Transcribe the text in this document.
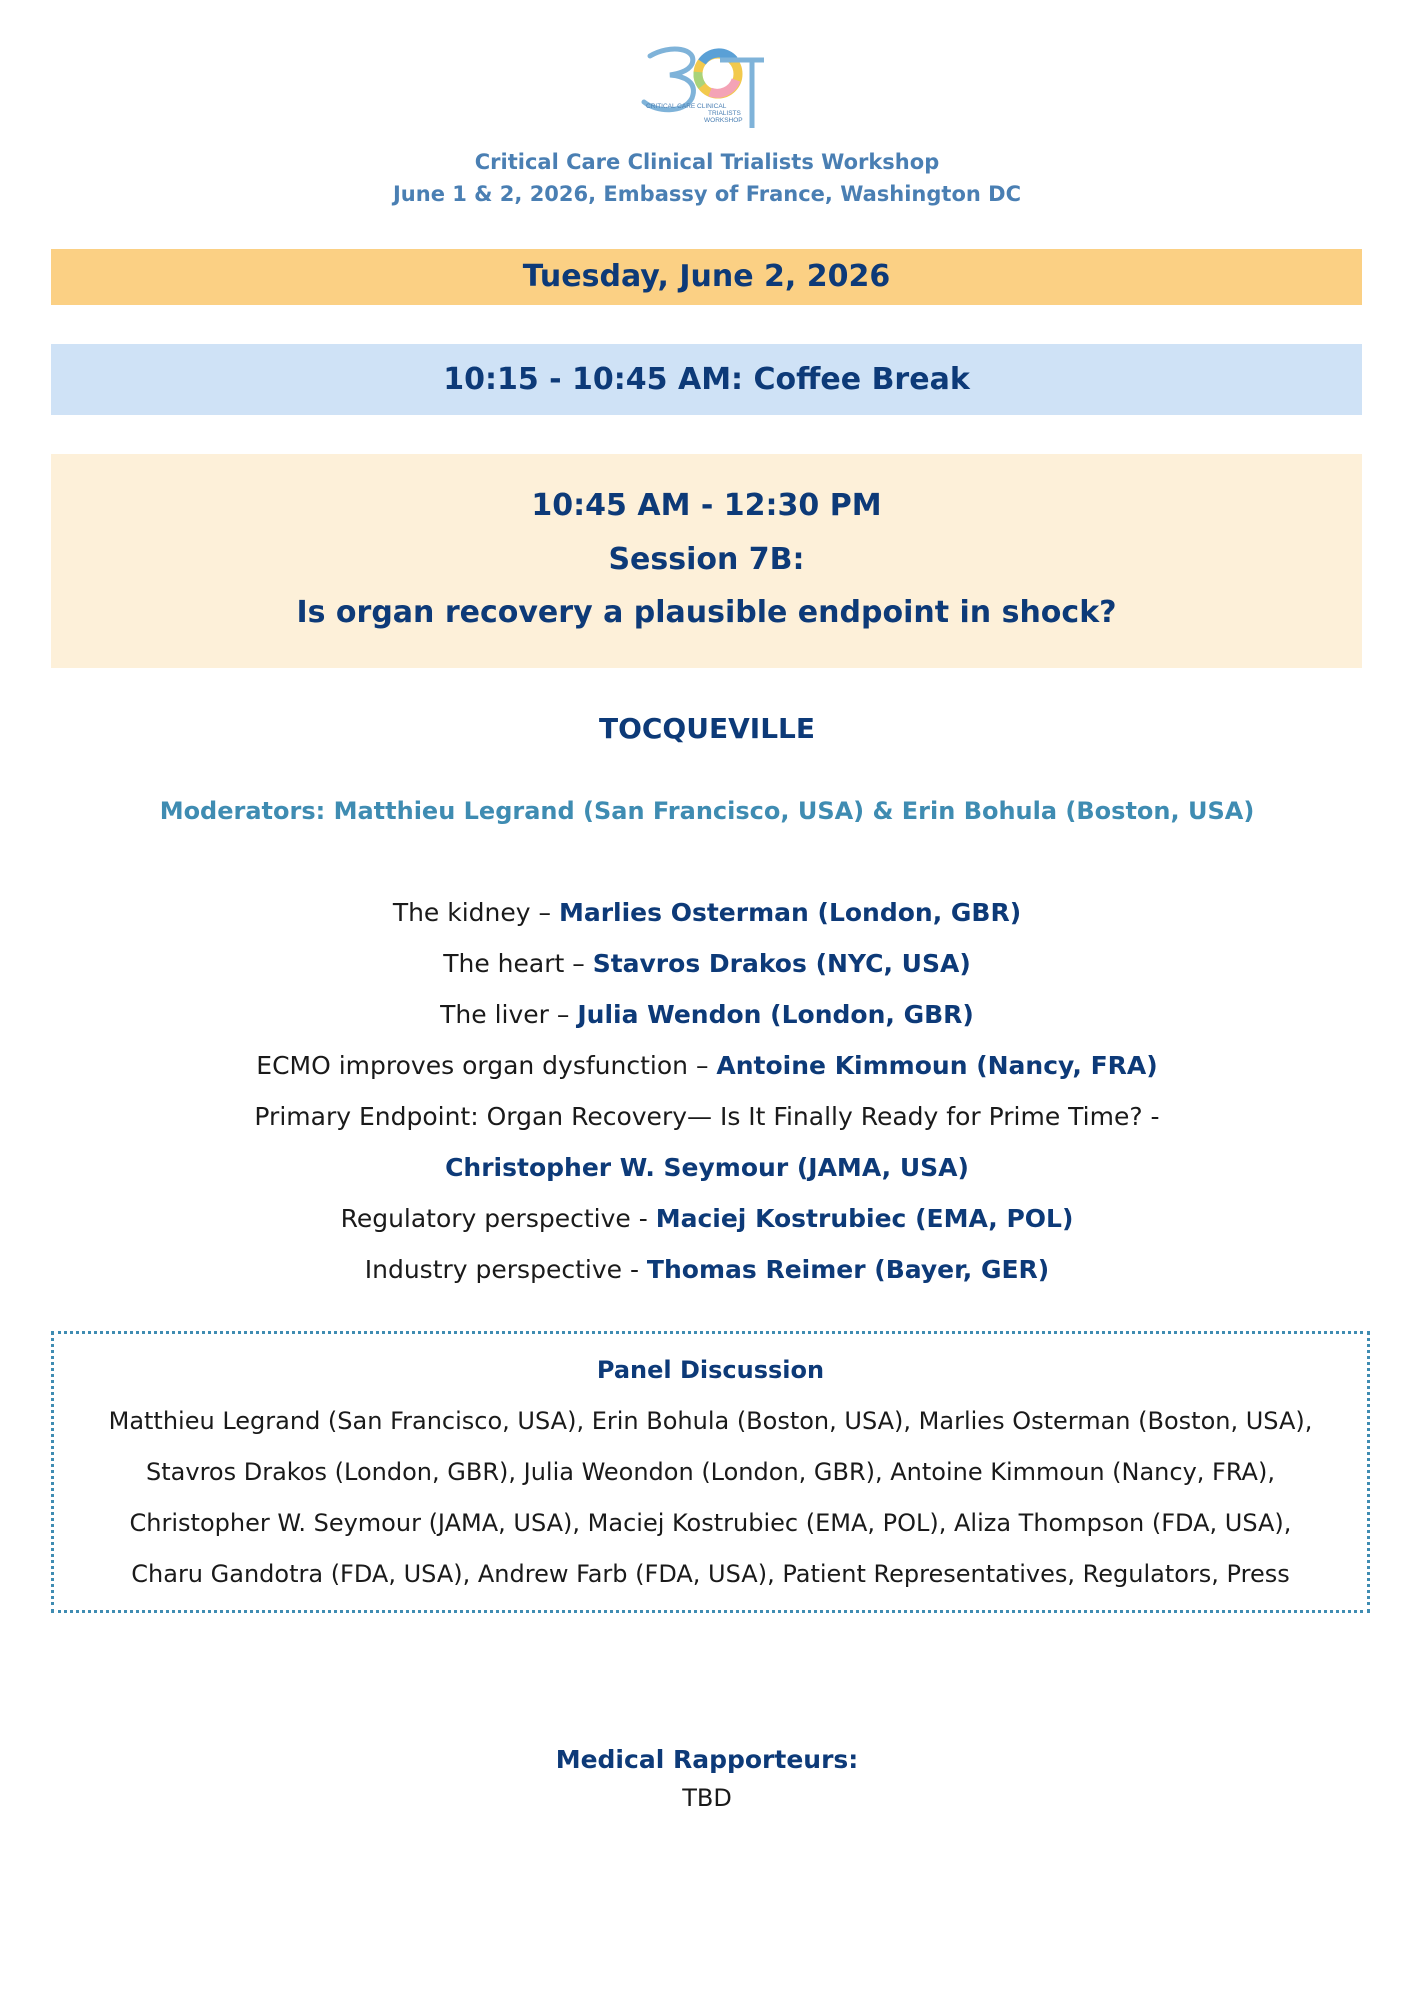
CRITICAL CARE CLINICAL
TRIALISTS
WORKSHOP
Critical Care Clinical Trialists Workshop
June 1 & 2, 2026, Embassy of France, Washington DC
Tuesday, June 2, 2026
10:15 - 10:45 AM: Coffee Break
10:45 AM - 12:30 PM
Session 7B:
Is organ recovery a plausible endpoint in shock?
TOCQUEVILLE
Moderators: Matthieu Legrand (San Francisco, USA) & Erin Bohula (Boston, USA)
The kidney – Marlies Osterman (London, GBR)
The heart – Stavros Drakos (NYC, USA)
The liver – Julia Wendon (London, GBR)
ECMO improves organ dysfunction – Antoine Kimmoun (Nancy, FRA)
Primary Endpoint: Organ Recovery— Is It Finally Ready for Prime Time? -
Christopher W. Seymour (JAMA, USA)
Regulatory perspective - Maciej Kostrubiec (EMA, POL)
Industry perspective - Thomas Reimer (Bayer, GER)
Panel Discussion
Matthieu Legrand (San Francisco, USA), Erin Bohula (Boston, USA), Marlies Osterman (Boston, USA),
Stavros Drakos (London, GBR), Julia Weondon (London, GBR), Antoine Kimmoun (Nancy, FRA),
Christopher W. Seymour (JAMA, USA), Maciej Kostrubiec (EMA, POL), Aliza Thompson (FDA, USA),
Charu Gandotra (FDA, USA), Andrew Farb (FDA, USA), Patient Representatives, Regulators, Press
Medical Rapporteurs:
TBD
